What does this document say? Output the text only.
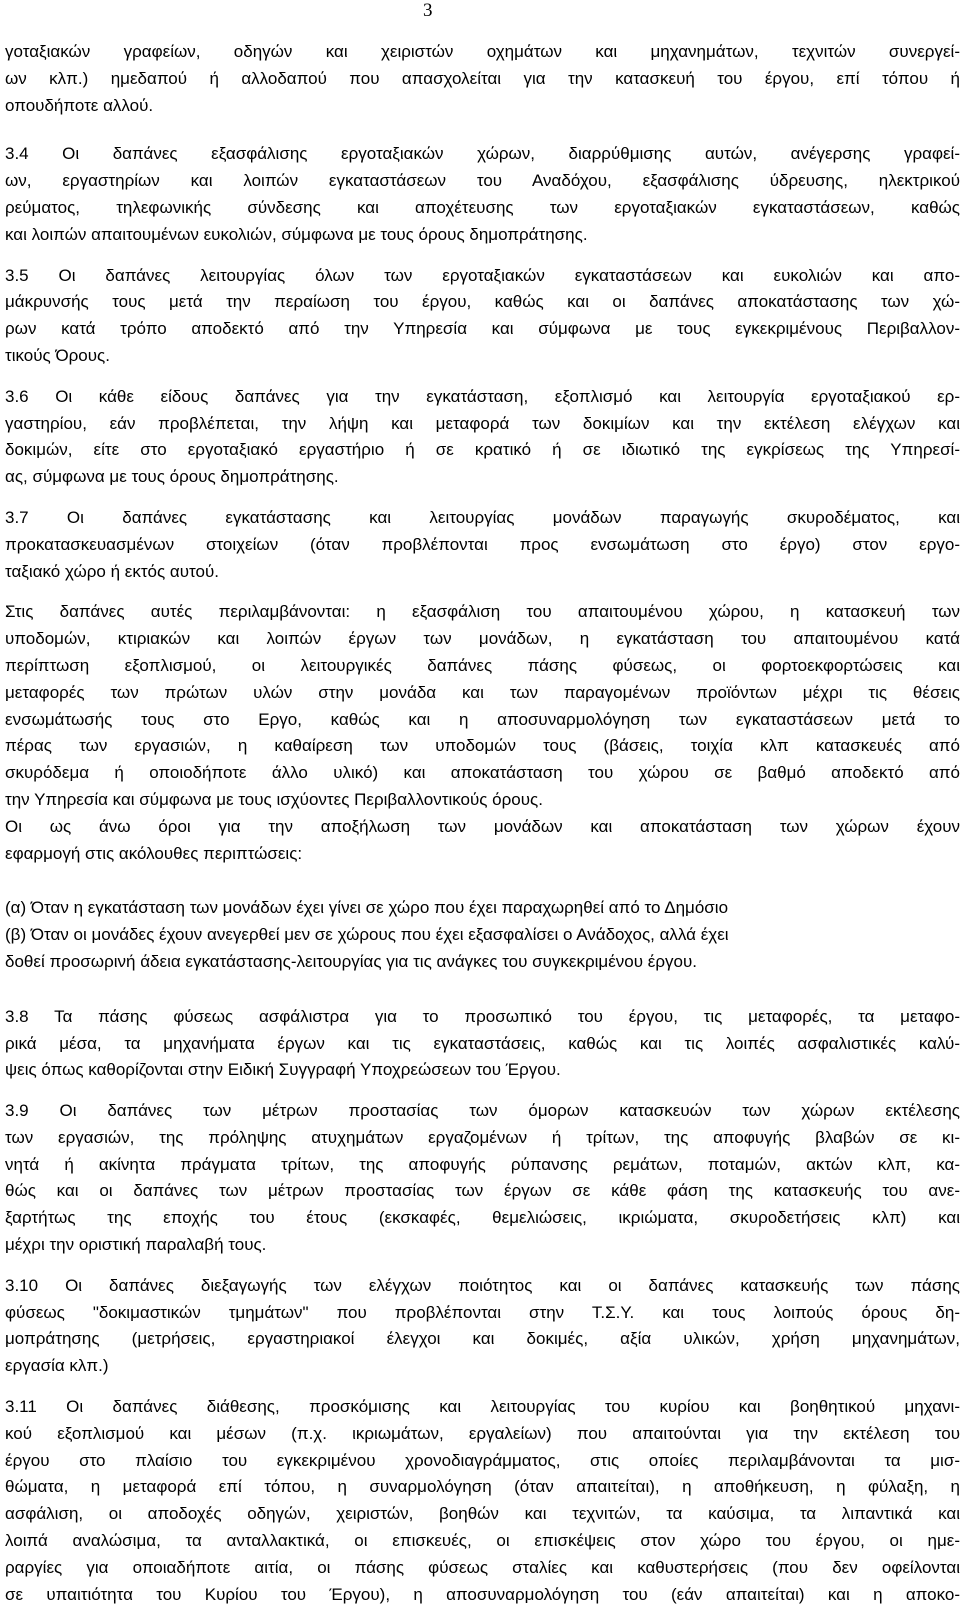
3
γοταξιακών γραφείων, οδηγών και χειριστών οχημάτων και μηχανημάτων, τεχνιτών συνεργεί-
ων κλπ.) ημεδαπού ή αλλοδαπού που απασχολείται για την κατασκευή του έργου, επί τόπου ή
οπουδήποτε αλλού.
3.4 Οι δαπάνες εξασφάλισης εργοταξιακών χώρων, διαρρύθμισης αυτών, ανέγερσης γραφεί-
ων, εργαστηρίων και λοιπών εγκαταστάσεων του Αναδόχου, εξασφάλισης ύδρευσης, ηλεκτρικού
ρεύματος, τηλεφωνικής σύνδεσης και αποχέτευσης των εργοταξιακών εγκαταστάσεων, καθώς
και λοιπών απαιτουμένων ευκολιών, σύμφωνα με τους όρους δημοπράτησης.
3.5 Οι δαπάνες λειτουργίας όλων των εργοταξιακών εγκαταστάσεων και ευκολιών και απο-
μάκρυνσής τους μετά την περαίωση του έργου, καθώς και οι δαπάνες αποκατάστασης των χώ-
ρων κατά τρόπο αποδεκτό από την Υπηρεσία και σύμφωνα με τους εγκεκριμένους Περιβαλλον-
τικούς Όρους.
3.6 Οι κάθε είδους δαπάνες για την εγκατάσταση, εξοπλισμό και λειτουργία εργοταξιακού ερ-
γαστηρίου, εάν προβλέπεται, την λήψη και μεταφορά των δοκιμίων και την εκτέλεση ελέγχων και
δοκιμών, είτε στο εργοταξιακό εργαστήριο ή σε κρατικό ή σε ιδιωτικό της εγκρίσεως της Υπηρεσί-
ας, σύμφωνα με τους όρους δημοπράτησης.
3.7 Οι δαπάνες εγκατάστασης και λειτουργίας μονάδων παραγωγής σκυροδέματος, και
προκατασκευασμένων στοιχείων (όταν προβλέπονται προς ενσωμάτωση στο έργο) στον εργο-
ταξιακό χώρο ή εκτός αυτού.
Στις δαπάνες αυτές περιλαμβάνονται: η εξασφάλιση του απαιτουμένου χώρου, η κατασκευή των
υποδομών, κτιριακών και λοιπών έργων των μονάδων, η εγκατάσταση του απαιτουμένου κατά
περίπτωση εξοπλισμού, οι λειτουργικές δαπάνες πάσης φύσεως, οι φορτοεκφορτώσεις και
μεταφορές των πρώτων υλών στην μονάδα και των παραγομένων προϊόντων μέχρι τις θέσεις
ενσωμάτωσής τους στο Εργο, καθώς και η αποσυναρμολόγηση των εγκαταστάσεων μετά το
πέρας των εργασιών, η καθαίρεση των υποδομών τους (βάσεις, τοιχία κλπ κατασκευές από
σκυρόδεμα ή οποιοδήποτε άλλο υλικό) και αποκατάσταση του χώρου σε βαθμό αποδεκτό από
την Υπηρεσία και σύμφωνα με τους ισχύοντες Περιβαλλοντικούς όρους.
Οι ως άνω όροι για την αποξήλωση των μονάδων και αποκατάσταση των χώρων έχουν
εφαρμογή στις ακόλουθες περιπτώσεις:
(α) Όταν η εγκατάσταση των μονάδων έχει γίνει σε χώρο που έχει παραχωρηθεί από το Δημόσιο
(β) Όταν οι μονάδες έχουν ανεγερθεί μεν σε χώρους που έχει εξασφαλίσει ο Ανάδοχος, αλλά έχει
δοθεί προσωρινή άδεια εγκατάστασης-λειτουργίας για τις ανάγκες του συγκεκριμένου έργου.
3.8 Τα πάσης φύσεως ασφάλιστρα για το προσωπικό του έργου, τις μεταφορές, τα μεταφο-
ρικά μέσα, τα μηχανήματα έργων και τις εγκαταστάσεις, καθώς και τις λοιπές ασφαλιστικές καλύ-
ψεις όπως καθορίζονται στην Ειδική Συγγραφή Υποχρεώσεων του Έργου.
3.9 Οι δαπάνες των μέτρων προστασίας των όμορων κατασκευών των χώρων εκτέλεσης
των εργασιών, της πρόληψης ατυχημάτων εργαζομένων ή τρίτων, της αποφυγής βλαβών σε κι-
νητά ή ακίνητα πράγματα τρίτων, της αποφυγής ρύπανσης ρεμάτων, ποταμών, ακτών κλπ, κα-
θώς και οι δαπάνες των μέτρων προστασίας των έργων σε κάθε φάση της κατασκευής του ανε-
ξαρτήτως της εποχής του έτους (εκσκαφές, θεμελιώσεις, ικριώματα, σκυροδετήσεις κλπ) και
μέχρι την οριστική παραλαβή τους.
3.10 Οι δαπάνες διεξαγωγής των ελέγχων ποιότητος και οι δαπάνες κατασκευής των πάσης
φύσεως "δοκιμαστικών τμημάτων" που προβλέπονται στην Τ.Σ.Υ. και τους λοιπούς όρους δη-
μοπράτησης (μετρήσεις, εργαστηριακοί έλεγχοι και δοκιμές, αξία υλικών, χρήση μηχανημάτων,
εργασία κλπ.)
3.11 Οι δαπάνες διάθεσης, προσκόμισης και λειτουργίας του κυρίου και βοηθητικού μηχανι-
κού εξοπλισμού και μέσων (π.χ. ικριωμάτων, εργαλείων) που απαιτούνται για την εκτέλεση του
έργου στο πλαίσιο του εγκεκριμένου χρονοδιαγράμματος, στις οποίες περιλαμβάνονται τα μισ-
θώματα, η μεταφορά επί τόπου, η συναρμολόγηση (όταν απαιτείται), η αποθήκευση, η φύλαξη, η
ασφάλιση, οι αποδοχές οδηγών, χειριστών, βοηθών και τεχνιτών, τα καύσιμα, τα λιπαντικά και
λοιπά αναλώσιμα, τα ανταλλακτικά, οι επισκευές, οι επισκέψεις στον χώρο του έργου, οι ημε-
ραργίες για οποιαδήποτε αιτία, οι πάσης φύσεως σταλίες και καθυστερήσεις (που δεν οφείλονται
σε υπαιτιότητα του Κυρίου του Έργου), η αποσυναρμολόγηση του (εάν απαιτείται) και η αποκο-
